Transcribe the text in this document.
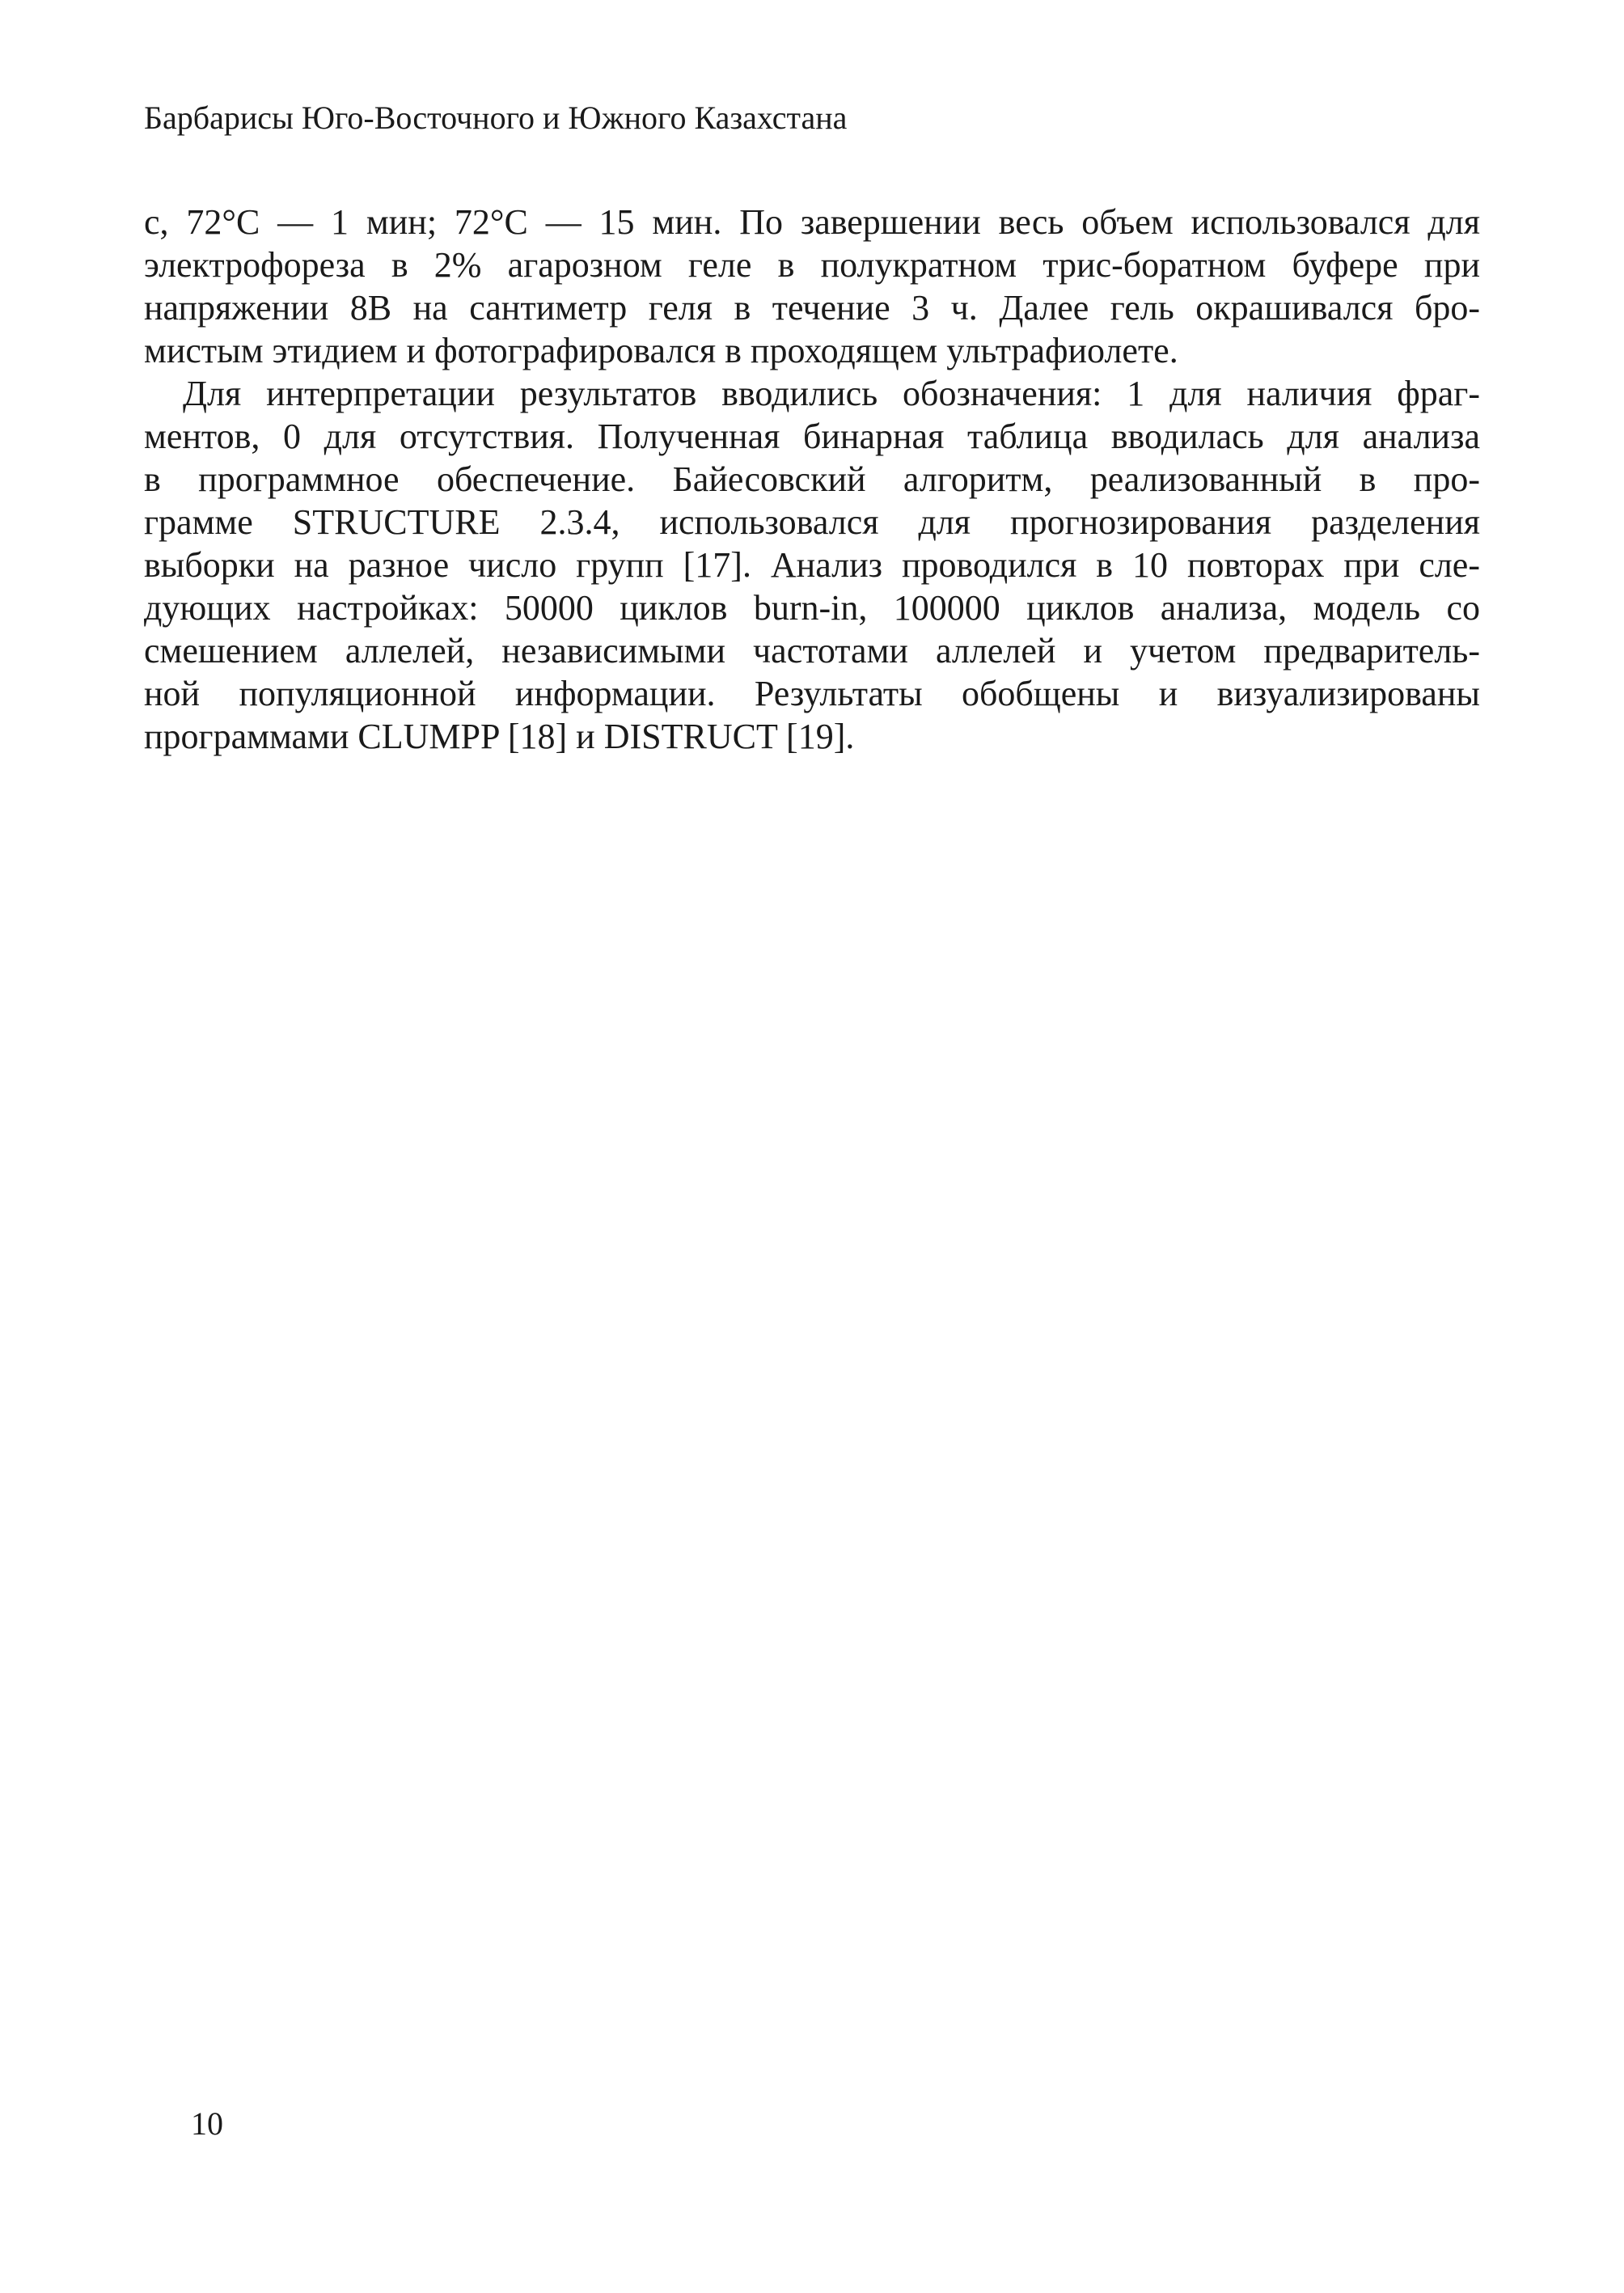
Барбарисы Юго-Восточного и Южного Казахстана
с, 72°С — 1 мин; 72°С — 15 мин. По завершении весь объем использовался для
электрофореза в 2% агарозном геле в полукратном трис-боратном буфере при
напряжении 8В на сантиметр геля в течение 3 ч. Далее гель окрашивался бро-
мистым этидием и фотографировался в проходящем ультрафиолете.
Для интерпретации результатов вводились обозначения: 1 для наличия фраг-
ментов, 0 для отсутствия. Полученная бинарная таблица вводилась для анализа
в программное обеспечение. Байесовский алгоритм, реализованный в про-
грамме STRUCTURE 2.3.4, использовался для прогнозирования разделения
выборки на разное число групп [17]. Анализ проводился в 10 повторах при сле-
дующих настройках: 50000 циклов burn-in, 100000 циклов анализа, модель со
смешением аллелей, независимыми частотами аллелей и учетом предваритель-
ной популяционной информации. Результаты обобщены и визуализированы
программами CLUMPP [18] и DISTRUCT [19].
10
